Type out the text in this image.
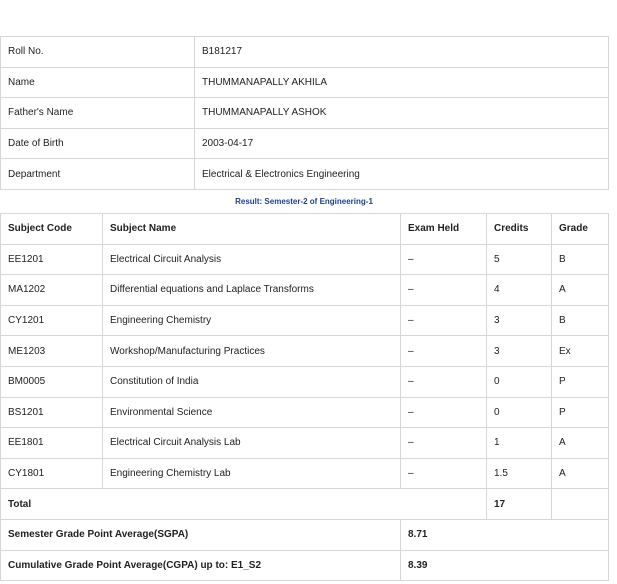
Roll No.	B181217
Name	THUMMANAPALLY AKHILA
Father's Name	THUMMANAPALLY ASHOK
Date of Birth	2003-04-17
Department	Electrical & Electronics Engineering
Result: Semester-2 of Engineering-1
Subject Code	Subject Name	Exam Held	Credits	Grade
EE1201	Electrical Circuit Analysis	–	5	B
MA1202	Differential equations and Laplace Transforms	–	4	A
CY1201	Engineering Chemistry	–	3	B
ME1203	Workshop/Manufacturing Practices	–	3	Ex
BM0005	Constitution of India	–	0	P
BS1201	Environmental Science	–	0	P
EE1801	Electrical Circuit Analysis Lab	–	1	A
CY1801	Engineering Chemistry Lab	–	1.5	A
Total			17	
Semester Grade Point Average(SGPA)		8.71		
Cumulative Grade Point Average(CGPA) up to: E1_S2		8.39		
